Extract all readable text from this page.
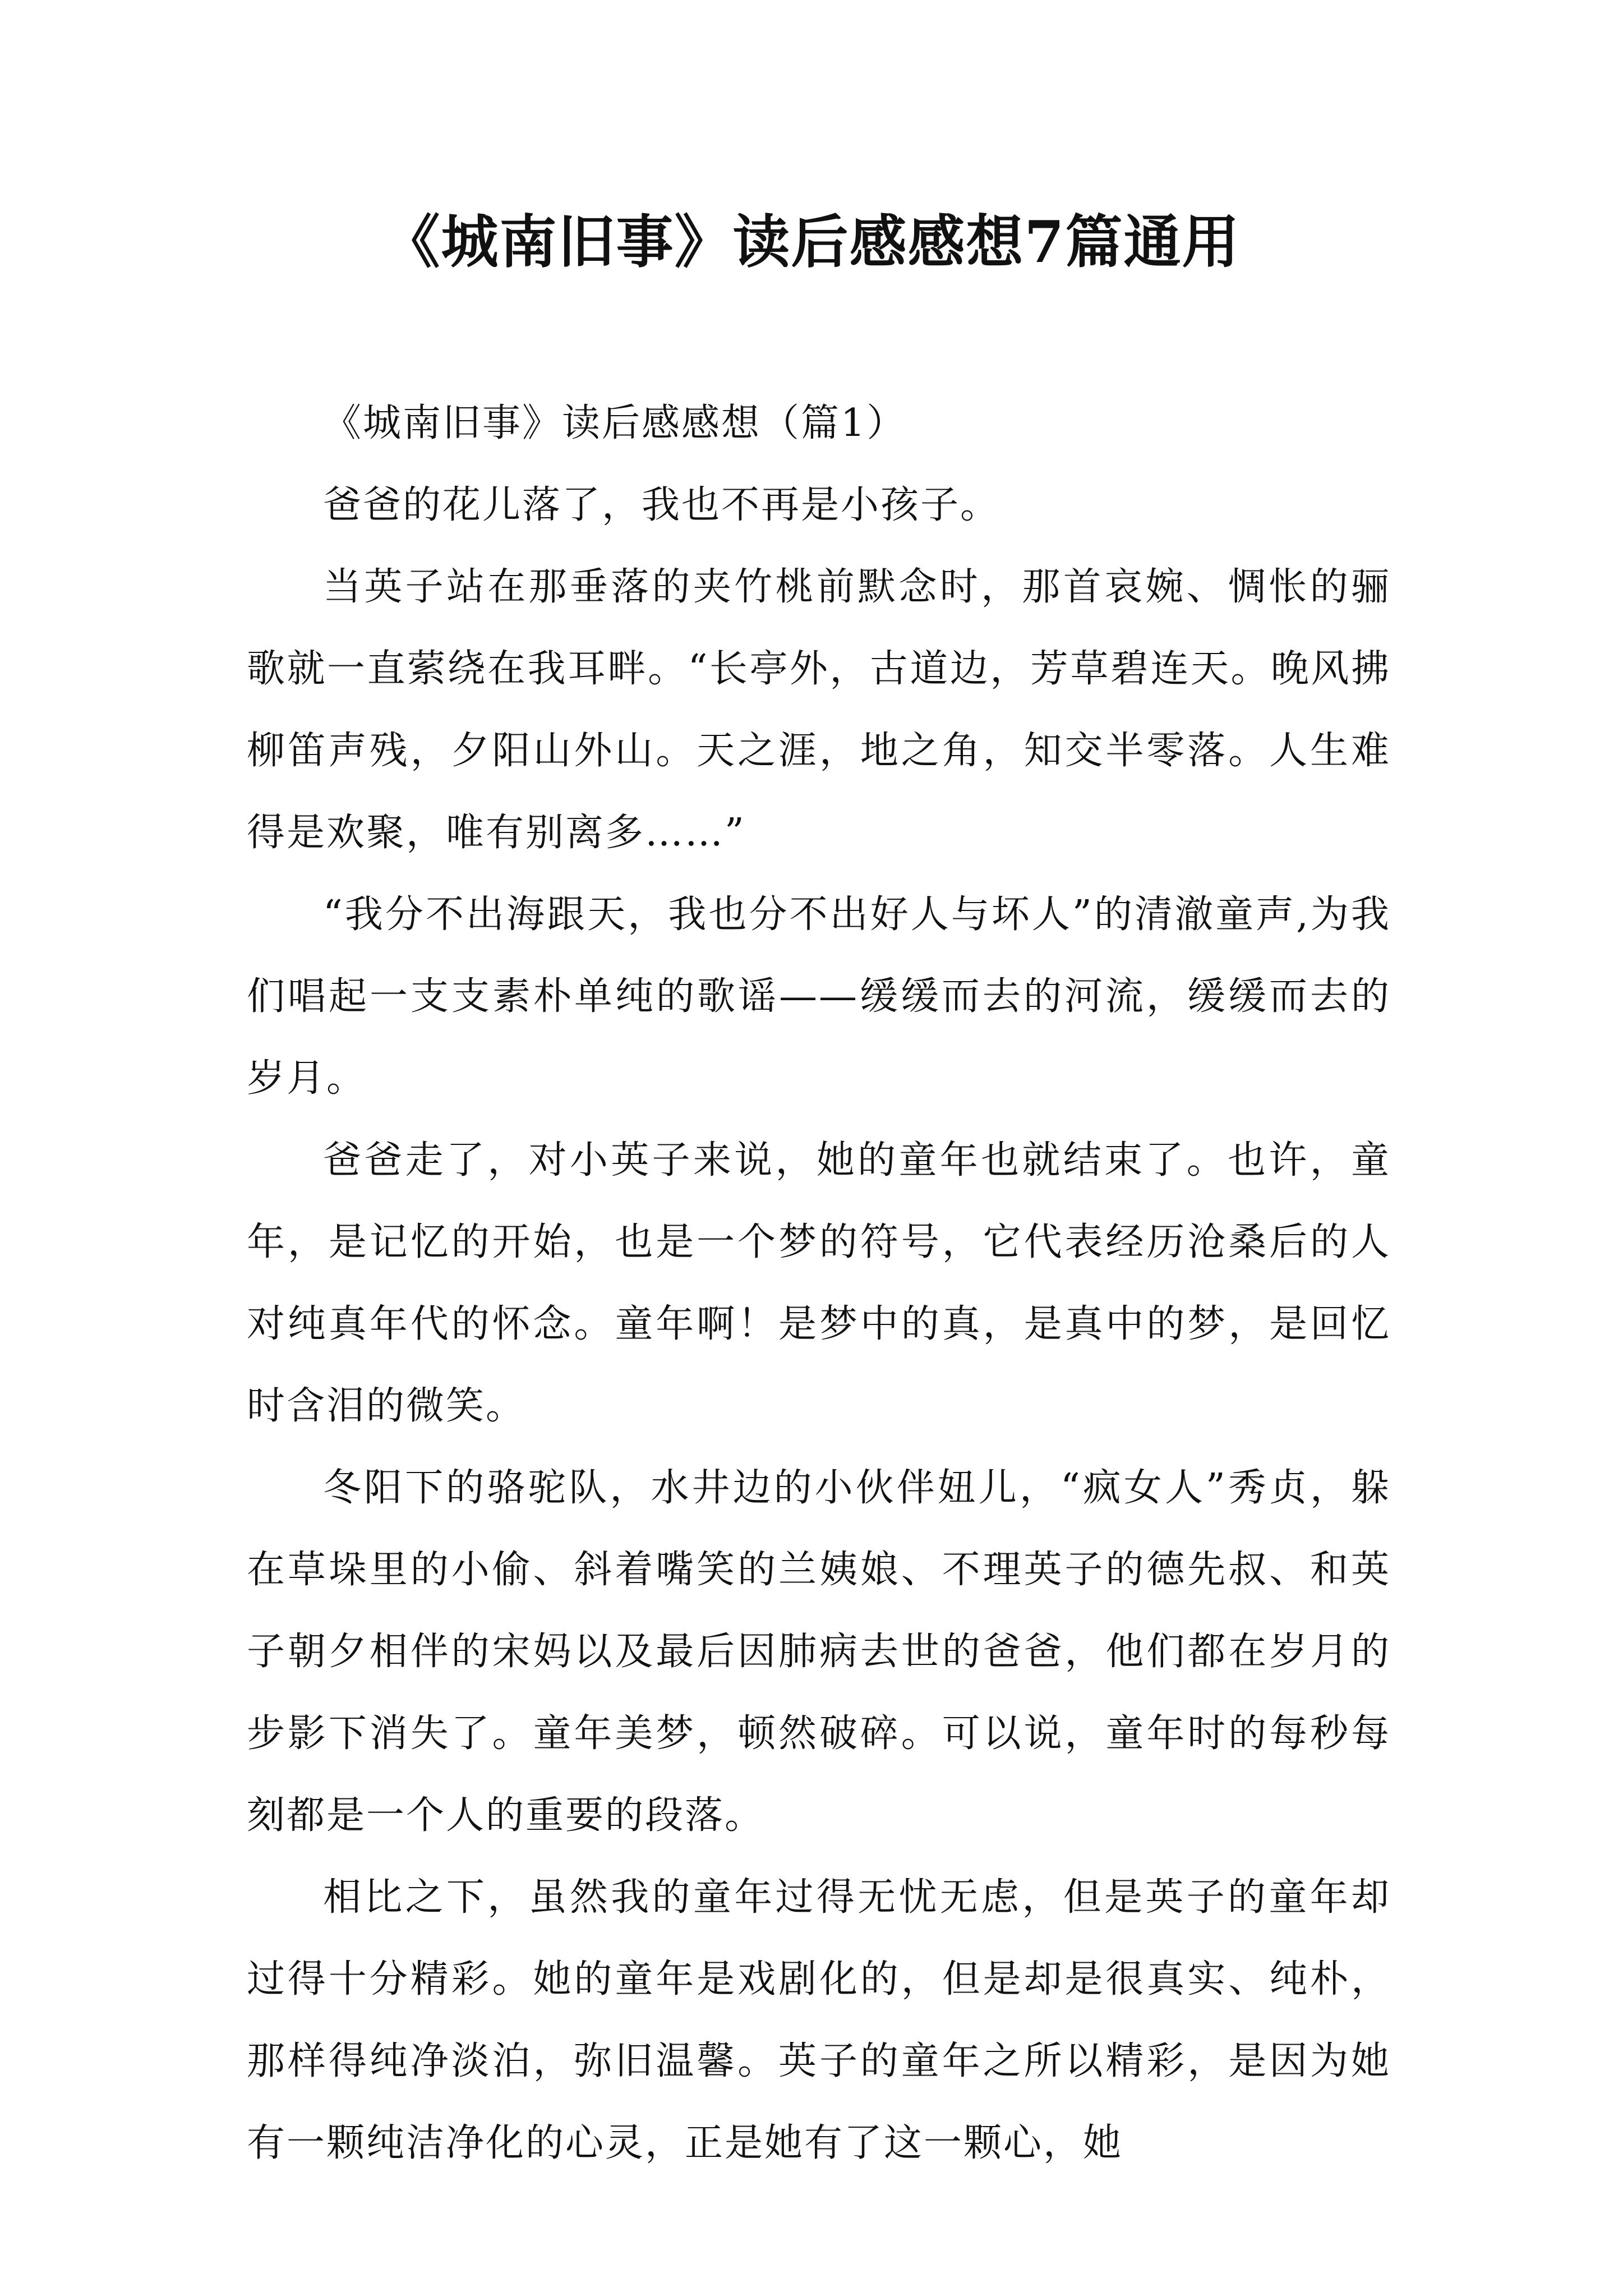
《城南旧事》读后感感想7篇通用

《城南旧事》读后感感想（篇1）

爸爸的花儿落了，我也不再是小孩子。

当英子站在那垂落的夹竹桃前默念时，那首哀婉、惆怅的骊歌就一直萦绕在我耳畔。“长亭外，古道边，芳草碧连天。晚风拂柳笛声残，夕阳山外山。天之涯，地之角，知交半零落。人生难得是欢聚，唯有别离多……”

“我分不出海跟天，我也分不出好人与坏人”的清澈童声,为我们唱起一支支素朴单纯的歌谣——缓缓而去的河流，缓缓而去的岁月。

爸爸走了，对小英子来说，她的童年也就结束了。也许，童年，是记忆的开始，也是一个梦的符号，它代表经历沧桑后的人对纯真年代的怀念。童年啊！是梦中的真，是真中的梦，是回忆时含泪的微笑。

冬阳下的骆驼队，水井边的小伙伴妞儿，“疯女人”秀贞，躲在草垛里的小偷、斜着嘴笑的兰姨娘、不理英子的德先叔、和英子朝夕相伴的宋妈以及最后因肺病去世的爸爸，他们都在岁月的步影下消失了。童年美梦，顿然破碎。可以说，童年时的每秒每刻都是一个人的重要的段落。

相比之下，虽然我的童年过得无忧无虑，但是英子的童年却过得十分精彩。她的童年是戏剧化的，但是却是很真实、纯朴，那样得纯净淡泊，弥旧温馨。英子的童年之所以精彩，是因为她有一颗纯洁净化的心灵，正是她有了这一颗心，她
